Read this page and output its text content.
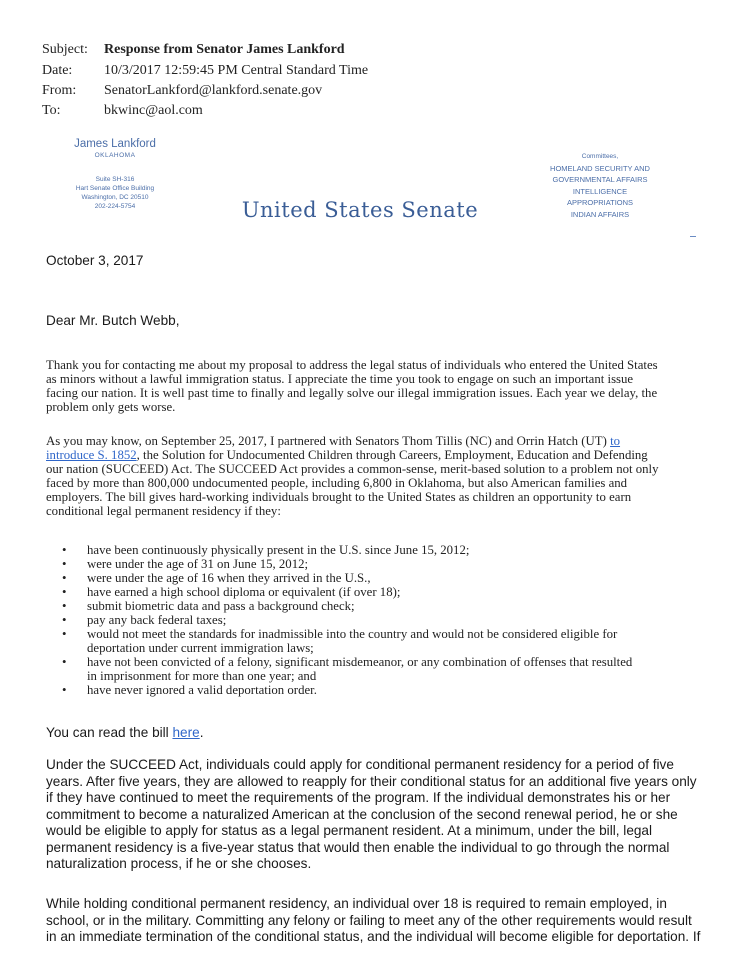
Subject: Response from Senator James Lankford
Date: 10/3/2017 12:59:45 PM Central Standard Time
From: SenatorLankford@lankford.senate.gov
To:	bkwinc@aol.com
James Lankford
OKLAHOMA
Suite SH-316
Hart Senate Office Building
Washington, DC 20510
202-224-5754	United States Senate
Committees,
HOMELAND SECURITY AND
GOVERNMENTAL AFFAIRS
INTELLIGENCE
APPROPRIATIONS
INDIAN AFFAIRS
October 3, 2017
Dear Mr. Butch Webb,
Thank you for contacting me about my proposal to address the legal status of individuals who entered the United States
as minors without a lawful immigration status. I appreciate the time you took to engage on such an important issue
facing our nation. It is well past time to finally and legally solve our illegal immigration issues. Each year we delay, the
problem only gets worse.
As you may know, on September 25, 2017, I partnered with Senators Thom Tillis (NC) and Orrin Hatch (UT) to
introduce S. 1852, the Solution for Undocumented Children through Careers, Employment, Education and Defending
our nation (SUCCEED) Act. The SUCCEED Act provides a common-sense, merit-based solution to a problem not only
faced by more than 800,000 undocumented people, including 6,800 in Oklahoma, but also American families and
employers. The bill gives hard-working individuals brought to the United States as children an opportunity to earn
conditional legal permanent residency if they:
• have been continuously physically present in the U.S. since June 15, 2012;
• were under the age of 31 on June 15, 2012;
• were under the age of 16 when they arrived in the U.S.,
• have earned a high school diploma or equivalent (if over 18);
• submit biometric data and pass a background check;
• pay any back federal taxes;
• would not meet the standards for inadmissible into the country and would not be considered eligible for
deportation under current immigration laws;
• have not been convicted of a felony, significant misdemeanor, or any combination of offenses that resulted
in imprisonment for more than one year; and
• have never ignored a valid deportation order.
You can read the bill here.
Under the SUCCEED Act, individuals could apply for conditional permanent residency for a period of five
years. After five years, they are allowed to reapply for their conditional status for an additional five years only
if they have continued to meet the requirements of the program. If the individual demonstrates his or her
commitment to become a naturalized American at the conclusion of the second renewal period, he or she
would be eligible to apply for status as a legal permanent resident. At a minimum, under the bill, legal
permanent residency is a five-year status that would then enable the individual to go through the normal
naturalization process, if he or she chooses.
While holding conditional permanent residency, an individual over 18 is required to remain employed, in
school, or in the military. Committing any felony or failing to meet any of the other requirements would result
in an immediate termination of the conditional status, and the individual will become eligible for deportation. If
